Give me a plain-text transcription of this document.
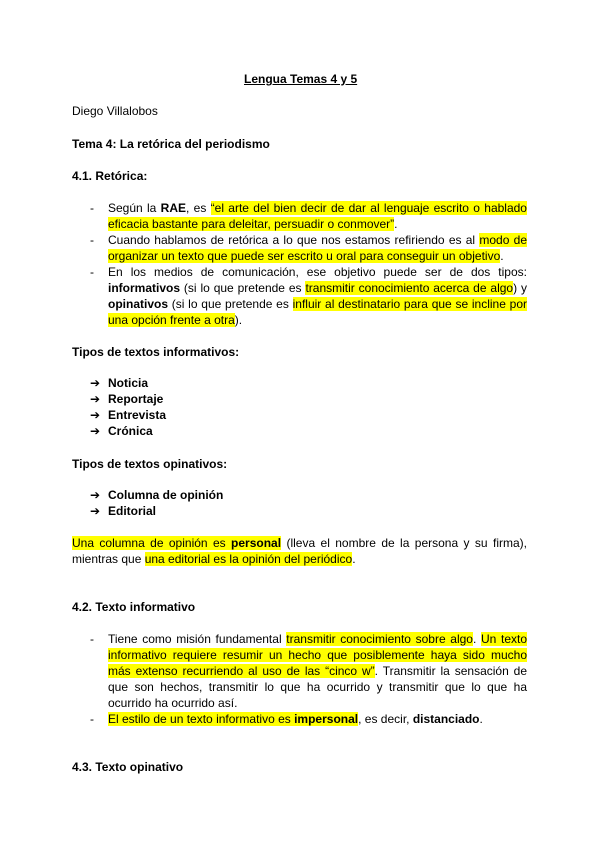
Lengua Temas 4 y 5
Diego Villalobos
Tema 4: La retórica del periodismo
4.1. Retórica:
- Según la RAE, es “el arte del bien decir de dar al lenguaje escrito o hablado eficacia bastante para deleitar, persuadir o conmover”.
- Cuando hablamos de retórica a lo que nos estamos refiriendo es al modo de organizar un texto que puede ser escrito u oral para conseguir un objetivo.
- En los medios de comunicación, ese objetivo puede ser de dos tipos: informativos (si lo que pretende es transmitir conocimiento acerca de algo) y opinativos (si lo que pretende es influir al destinatario para que se incline por una opción frente a otra).
Tipos de textos informativos:
➔ Noticia
➔ Reportaje
➔ Entrevista
➔ Crónica
Tipos de textos opinativos:
➔ Columna de opinión
➔ Editorial
Una columna de opinión es personal (lleva el nombre de la persona y su firma), mientras que una editorial es la opinión del periódico.
4.2. Texto informativo
- Tiene como misión fundamental transmitir conocimiento sobre algo. Un texto informativo requiere resumir un hecho que posiblemente haya sido mucho más extenso recurriendo al uso de las “cinco w”. Transmitir la sensación de que son hechos, transmitir lo que ha ocurrido y transmitir que lo que ha ocurrido ha ocurrido así.
- El estilo de un texto informativo es impersonal, es decir, distanciado.
4.3. Texto opinativo
